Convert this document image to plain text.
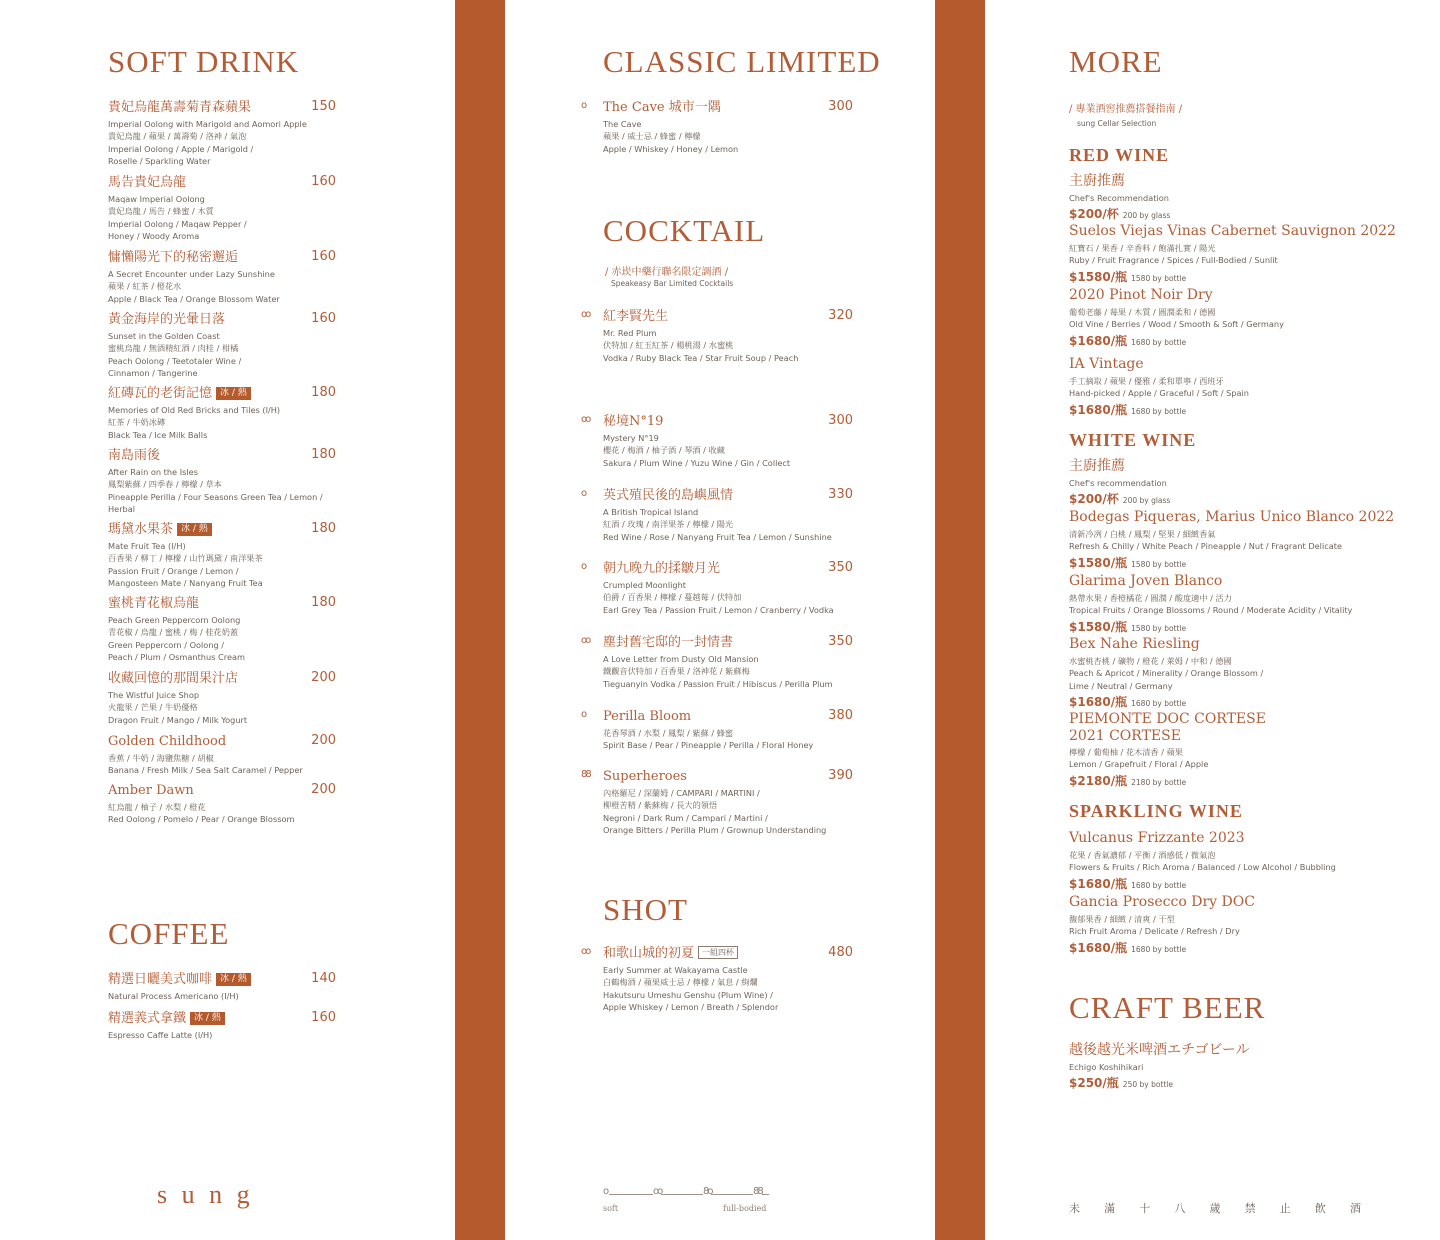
SOFT DRINK
貴妃烏龍萬壽菊青森蘋果	150
Imperial Oolong with Marigold and Aomori Apple
貴妃烏龍 / 蘋果 / 萬壽菊 / 洛神 / 氣泡
Imperial Oolong / Apple / Marigold /
Roselle / Sparkling Water
馬告貴妃烏龍	160
Maqaw Imperial Oolong
貴妃烏龍 / 馬告 / 蜂蜜 / 木質
Imperial Oolong / Maqaw Pepper /
Honey / Woody Aroma
慵懶陽光下的秘密邂逅	160
A Secret Encounter under Lazy Sunshine
蘋果 / 紅茶 / 橙花水
Apple / Black Tea / Orange Blossom Water
黃金海岸的光暈日落	160
Sunset in the Golden Coast
蜜桃烏龍 / 無酒精紅酒 / 肉桂 / 柑橘
Peach Oolong / Teetotaler Wine /
Cinnamon / Tangerine
紅磚瓦的老街記憶 冰 / 熱	180
Memories of Old Red Bricks and Tiles (I/H)
紅茶 / 牛奶冰磚
Black Tea / Ice Milk Balls
南島雨後	180
After Rain on the Isles
鳳梨紫蘇 / 四季春 / 檸檬 / 草本
Pineapple Perilla / Four Seasons Green Tea / Lemon /
Herbal
瑪黛水果茶 冰 / 熱	180
Mate Fruit Tea (I/H)
百香果 / 柳丁 / 檸檬 / 山竹瑪黛 / 南洋果茶
Passion Fruit / Orange / Lemon /
Mangosteen Mate / Nanyang Fruit Tea
蜜桃青花椒烏龍	180
Peach Green Peppercorn Oolong
青花椒 / 烏龍 / 蜜桃 / 梅 / 桂花奶蓋
Green Peppercorn / Oolong /
Peach / Plum / Osmanthus Cream
收藏回憶的那間果汁店	200
The Wistful Juice Shop
火龍果 / 芒果 / 牛奶優格
Dragon Fruit / Mango / Milk Yogurt
Golden Childhood	200
香蕉 / 牛奶 / 海鹽焦糖 / 胡椒
Banana / Fresh Milk / Sea Salt Caramel / Pepper
Amber Dawn	200
紅烏龍 / 柚子 / 水梨 / 橙花
Red Oolong / Pomelo / Pear / Orange Blossom
COFFEE
精選日曬美式咖啡 冰 / 熱	140
Natural Process Americano (I/H)
精選義式拿鐵 冰 / 熱	160
Espresso Caffe Latte (I/H)
s u n g
CLASSIC LIMITED
o The Cave 城市一隅	300
The Cave
蘋果 / 威士忌 / 蜂蜜 / 檸檬
Apple / Whiskey / Honey / Lemon
COCKTAIL
/ 赤崁中藥行聯名限定調酒 /
Speakeasy Bar Limited Cocktails
oo 紅李賢先生	320
Mr. Red Plum
伏特加 / 紅玉紅茶 / 楊桃湯 / 水蜜桃
Vodka / Ruby Black Tea / Star Fruit Soup / Peach
oo 秘境N°19	300
Mystery N°19
櫻花 / 梅酒 / 柚子酒 / 琴酒 / 收藏
Sakura / Plum Wine / Yuzu Wine / Gin / Collect
o 英式殖民後的島嶼風情	330
A British Tropical Island
紅酒 / 玫瑰 / 南洋果茶 / 檸檬 / 陽光
Red Wine / Rose / Nanyang Fruit Tea / Lemon / Sunshine
o 朝九晚九的揉皺月光	350
Crumpled Moonlight
伯爵 / 百香果 / 檸檬 / 蔓越莓 / 伏特加
Earl Grey Tea / Passion Fruit / Lemon / Cranberry / Vodka
oo 塵封舊宅邸的一封情書	350
A Love Letter from Dusty Old Mansion
鐵觀音伏特加 / 百香果 / 洛神花 / 紫蘇梅
Tieguanyin Vodka / Passion Fruit / Hibiscus / Perilla Plum
o Perilla Bloom	380
花香琴酒 / 水梨 / 鳳梨 / 紫蘇 / 蜂蜜
Spirit Base / Pear / Pineapple / Perilla / Floral Honey
88 Superheroes	390
內格羅尼 / 深蘭姆 / CAMPARI / MARTINI /
柳橙苦精 / 紫蘇梅 / 長大的領悟
Negroni / Dark Rum / Campari / Martini /
Orange Bitters / Perilla Plum / Grownup Understanding
SHOT
oo 和歌山城的初夏 一組四杯	480
Early Summer at Wakayama Castle
白鶴梅酒 / 蘋果威士忌 / 檸檬 / 氣息 / 絢爛
Hakutsuru Umeshu Genshu (Plum Wine) /
Apple Whiskey / Lemon / Breath / Splendor
o	oo	8o	88
soft	full-bodied
MORE
/ 專業酒窖推薦搭餐指南 /
sung Cellar Selection
RED WINE
主廚推薦
Chef's Recommendation
$200/杯 200 by glass
Suelos Viejas Vinas Cabernet Sauvignon 2022
紅寶石 / 果香 / 辛香料 / 飽滿扎實 / 陽光
Ruby / Fruit Fragrance / Spices / Full-Bodied / Sunlit
$1580/瓶 1580 by bottle
2020 Pinot Noir Dry
葡萄老藤 / 莓果 / 木質 / 圓潤柔和 / 德國
Old Vine / Berries / Wood / Smooth & Soft / Germany
$1680/瓶 1680 by bottle
IA Vintage
手工摘取 / 蘋果 / 優雅 / 柔和單寧 / 西班牙
Hand-picked / Apple / Graceful / Soft / Spain
$1680/瓶 1680 by bottle
WHITE WINE
主廚推薦
Chef's recommendation
$200/杯 200 by glass
Bodegas Piqueras, Marius Unico Blanco 2022
清新冷冽 / 白桃 / 鳳梨 / 堅果 / 細緻香氣
Refresh & Chilly / White Peach / Pineapple / Nut / Fragrant Delicate
$1580/瓶 1580 by bottle
Glarima Joven Blanco
熱帶水果 / 香橙橘花 / 圓潤 / 酸度適中 / 活力
Tropical Fruits / Orange Blossoms / Round / Moderate Acidity / Vitality
$1580/瓶 1580 by bottle
Bex Nahe Riesling
水蜜桃杏桃 / 礦物 / 橙花 / 萊姆 / 中和 / 德國
Peach & Apricot / Minerality / Orange Blossom /
Lime / Neutral / Germany
$1680/瓶 1680 by bottle
PIEMONTE DOC CORTESE
2021 CORTESE
檸檬 / 葡萄柚 / 花木清香 / 蘋果
Lemon / Grapefruit / Floral / Apple
$2180/瓶 2180 by bottle
SPARKLING WINE
Vulcanus Frizzante 2023
花果 / 香氣濃郁 / 平衡 / 酒感低 / 微氣泡
Flowers & Fruits / Rich Aroma / Balanced / Low Alcohol / Bubbling
$1680/瓶 1680 by bottle
Gancia Prosecco Dry DOC
馥郁果香 / 細緻 / 清爽 / 干型
Rich Fruit Aroma / Delicate / Refresh / Dry
$1680/瓶 1680 by bottle
CRAFT BEER
越後越光米啤酒エチゴビール
Echigo Koshihikari
$250/瓶 250 by bottle
未 滿 十 八 歲 禁 止 飲 酒
